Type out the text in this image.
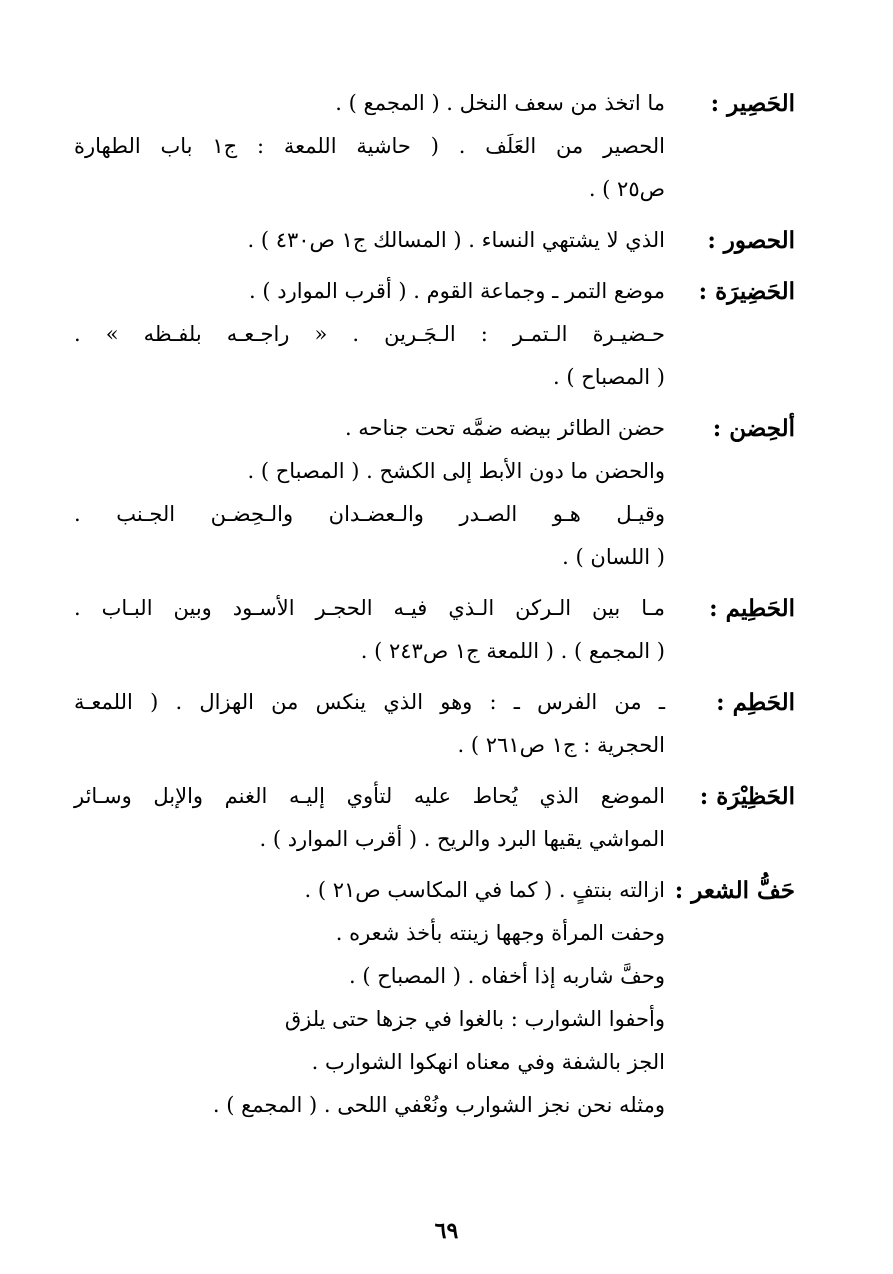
الحَصِير :
ما اتخذ من سعف النخل . ( المجمع ) .
الحصير من العَلَف . ( حاشية اللمعة : ج١ باب الطهارة
ص٢٥ ) .
الحصور :
الذي لا يشتهي النساء . ( المسالك ج١ ص٤٣٠ ) .
الحَضِيرَة :
موضع التمر ـ وجماعة القوم . ( أقرب الموارد ) .
حـضيـرة الـتمـر : الـجَـرين . « راجـعـه بلفـظه » .
( المصباح ) .
ألحِضن :
حضن الطائر بيضه ضمَّه تحت جناحه .
والحضن ما دون الأبط إلى الكشح . ( المصباح ) .
وقيـل هـو الصـدر والـعضـدان والـحِضـن الجـنب .
( اللسان ) .
الحَطِيم :
مـا بين الـركن الـذي فيـه الحجـر الأسـود وبين البـاب .
( المجمع ) . ( اللمعة ج١ ص٢٤٣ ) .
الحَطِم :
ـ من الفرس ـ : وهو الذي ينكس من الهزال . ( اللمعـة
الحجرية : ج١ ص٢٦١ ) .
الحَظِيْرَة :
الموضع الذي يُحاط عليه لتأوي إليـه الغنم والإبل وسـائر
المواشي يقيها البرد والريح . ( أقرب الموارد ) .
حَفُّ الشعر :
ازالته بنتفٍ . ( كما في المكاسب ص٢١ ) .
وحفت المرأة وجهها زينته بأخذ شعره .
وحفَّ شاربه إذا أخفاه . ( المصباح ) .
وأحفوا الشوارب : بالغوا في جزها حتى يلزق
الجز بالشفة وفي معناه انهكوا الشوارب .
ومثله نحن نجز الشوارب ونُعْفي اللحى . ( المجمع ) .
٦٩
